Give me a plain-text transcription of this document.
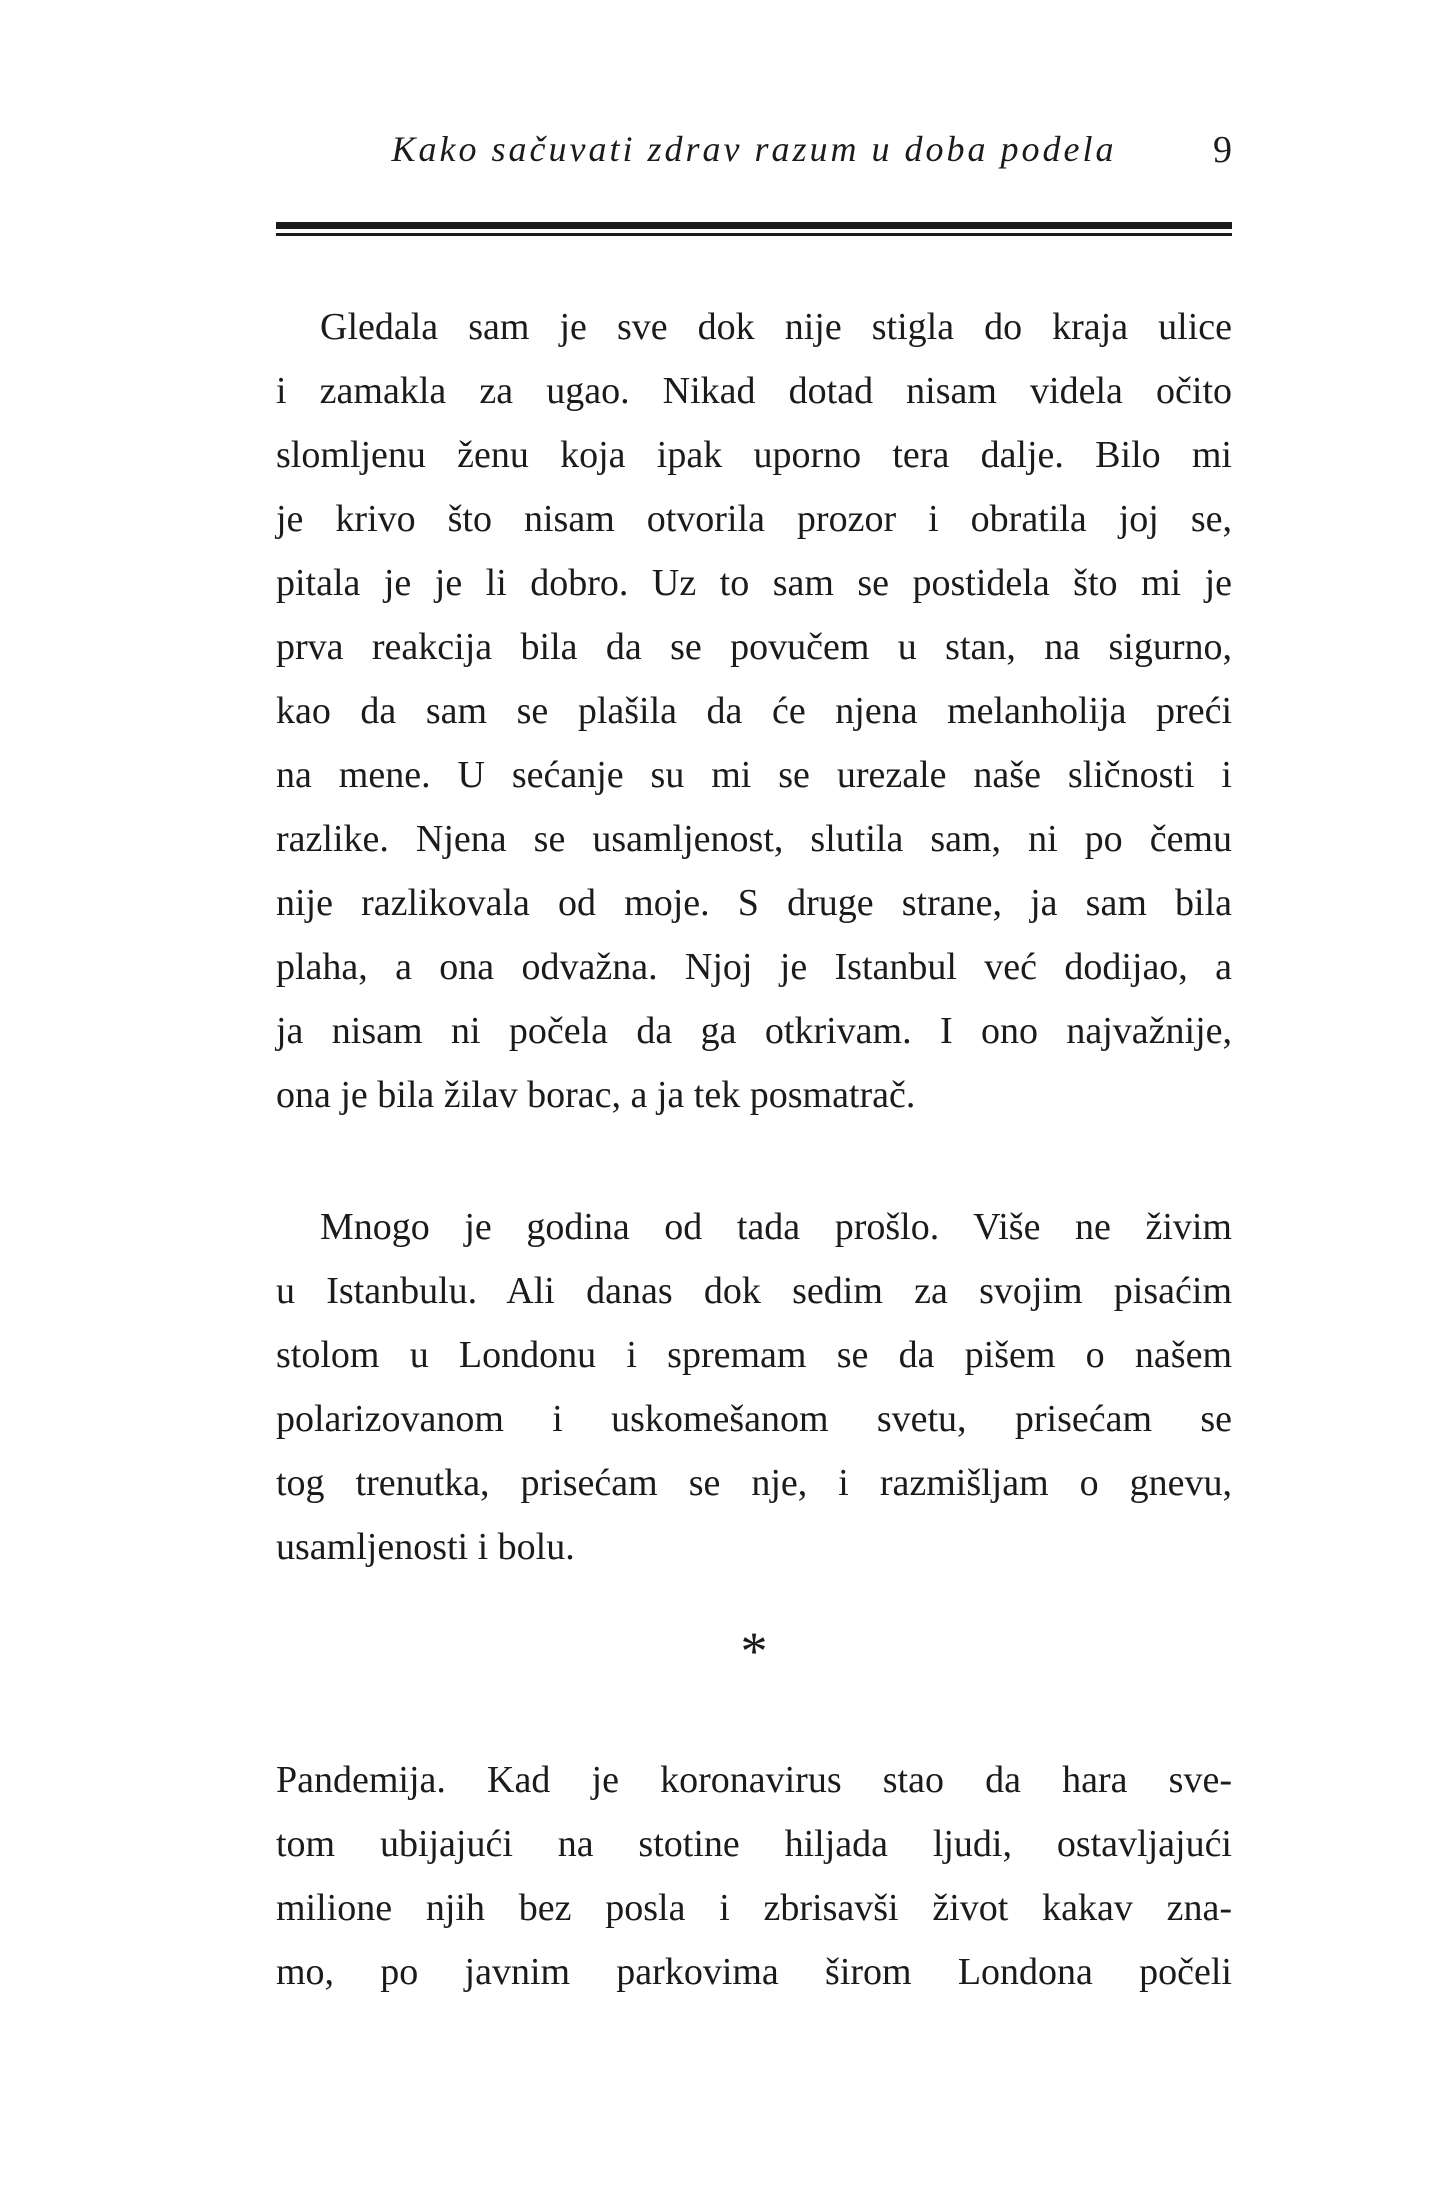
Kako sačuvati zdrav razum u doba podela	9
Gledala sam je sve dok nije stigla do kraja ulice
i zamakla za ugao. Nikad dotad nisam videla očito
slomljenu ženu koja ipak uporno tera dalje. Bilo mi
je krivo što nisam otvorila prozor i obratila joj se,
pitala je je li dobro. Uz to sam se postidela što mi je
prva reakcija bila da se povučem u stan, na sigurno,
kao da sam se plašila da će njena melanholija preći
na mene. U sećanje su mi se urezale naše sličnosti i
razlike. Njena se usamljenost, slutila sam, ni po čemu
nije razlikovala od moje. S druge strane, ja sam bila
plaha, a ona odvažna. Njoj je Istanbul već dodijao, a
ja nisam ni počela da ga otkrivam. I ono najvažnije,
ona je bila žilav borac, a ja tek posmatrač.
Mnogo je godina od tada prošlo. Više ne živim
u Istanbulu. Ali danas dok sedim za svojim pisaćim
stolom u Londonu i spremam se da pišem o našem
polarizovanom i uskomešanom svetu, prisećam se
tog trenutka, prisećam se nje, i razmišljam o gnevu,
usamljenosti i bolu.
*
Pandemija. Kad je koronavirus stao da hara sve-
tom ubijajući na stotine hiljada ljudi, ostavljajući
milione njih bez posla i zbrisavši život kakav zna-
mo, po javnim parkovima širom Londona počeli
